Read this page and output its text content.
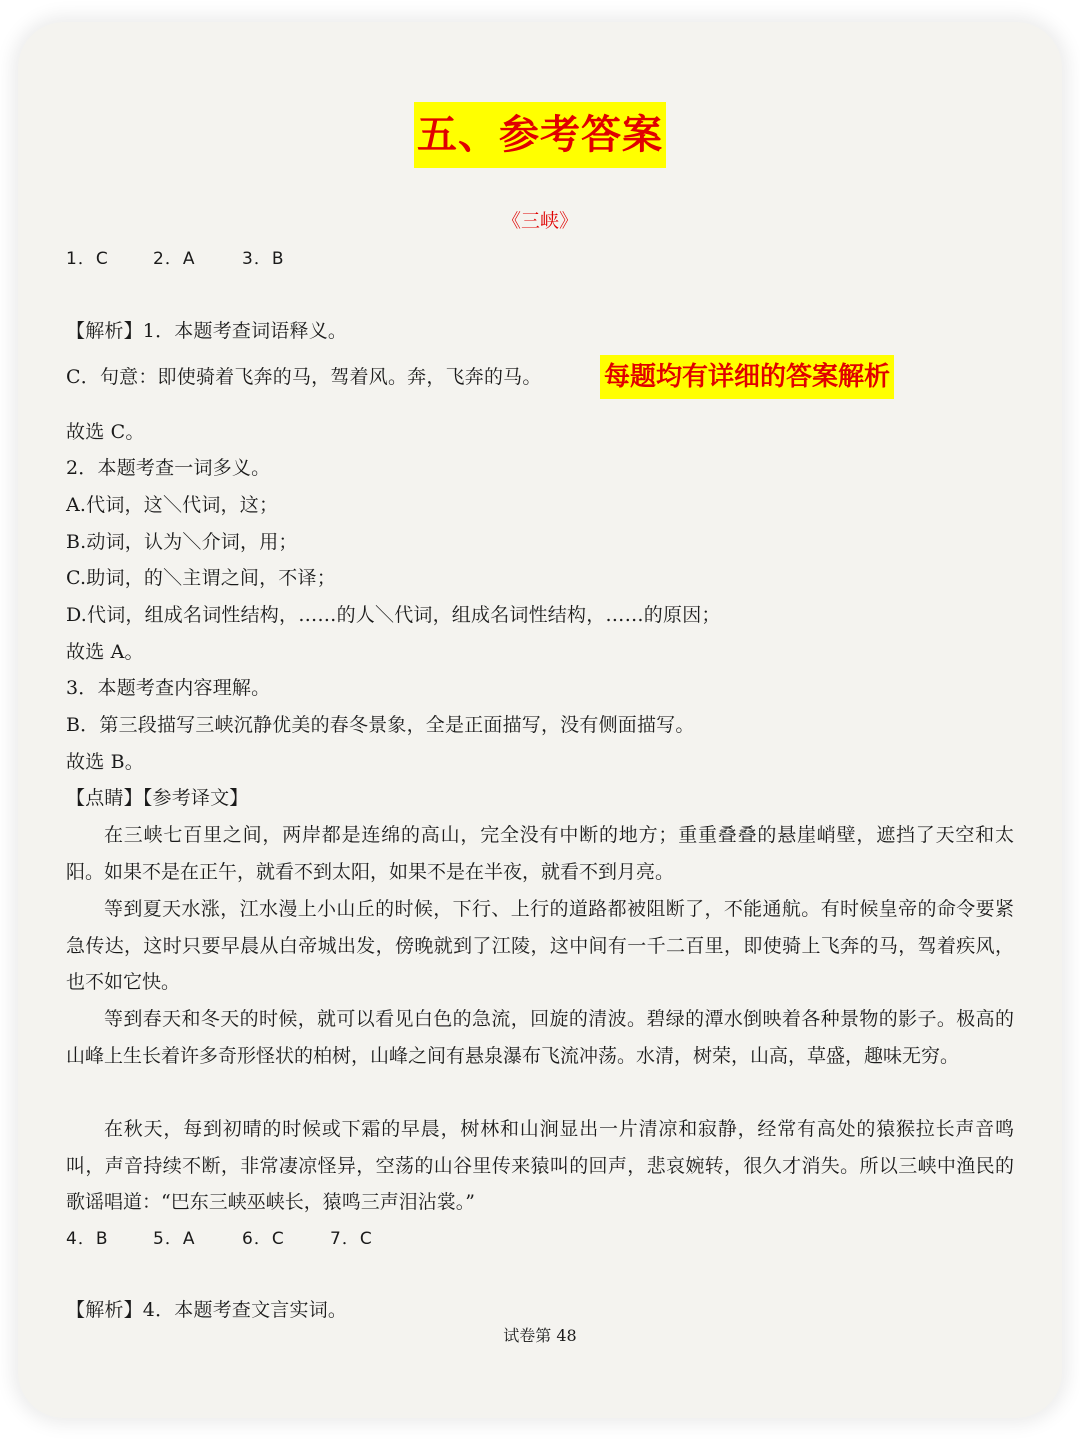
五、参考答案
《三峡》
1．C	2．A	3．B
【解析】1．本题考查词语释义。
C．句意：即使骑着飞奔的马，驾着风。奔，飞奔的马。 每题均有详细的答案解析
故选 C。
2．本题考查一词多义。
A.代词，这＼代词，这；
B.动词，认为＼介词，用；
C.助词，的＼主谓之间，不译；
D.代词，组成名词性结构，……的人＼代词，组成名词性结构，……的原因；
故选 A。
3．本题考查内容理解。
B．第三段描写三峡沉静优美的春冬景象，全是正面描写，没有侧面描写。
故选 B。
【点睛】【参考译文】
在三峡七百里之间，两岸都是连绵的高山，完全没有中断的地方；重重叠叠的悬崖峭壁，遮挡了天空和太阳。如果不是在正午，就看不到太阳，如果不是在半夜，就看不到月亮。
等到夏天水涨，江水漫上小山丘的时候，下行、上行的道路都被阻断了，不能通航。有时候皇帝的命令要紧急传达，这时只要早晨从白帝城出发，傍晚就到了江陵，这中间有一千二百里，即使骑上飞奔的马，驾着疾风，也不如它快。
等到春天和冬天的时候，就可以看见白色的急流，回旋的清波。碧绿的潭水倒映着各种景物的影子。极高的山峰上生长着许多奇形怪状的柏树，山峰之间有悬泉瀑布飞流冲荡。水清，树荣，山高，草盛，趣味无穷。
在秋天，每到初晴的时候或下霜的早晨，树林和山涧显出一片清凉和寂静，经常有高处的猿猴拉长声音鸣叫，声音持续不断，非常凄凉怪异，空荡的山谷里传来猿叫的回声，悲哀婉转，很久才消失。所以三峡中渔民的歌谣唱道：“巴东三峡巫峡长，猿鸣三声泪沾裳。”
4．B	5．A	6．C	7．C
【解析】4．本题考查文言实词。
试卷第 48
